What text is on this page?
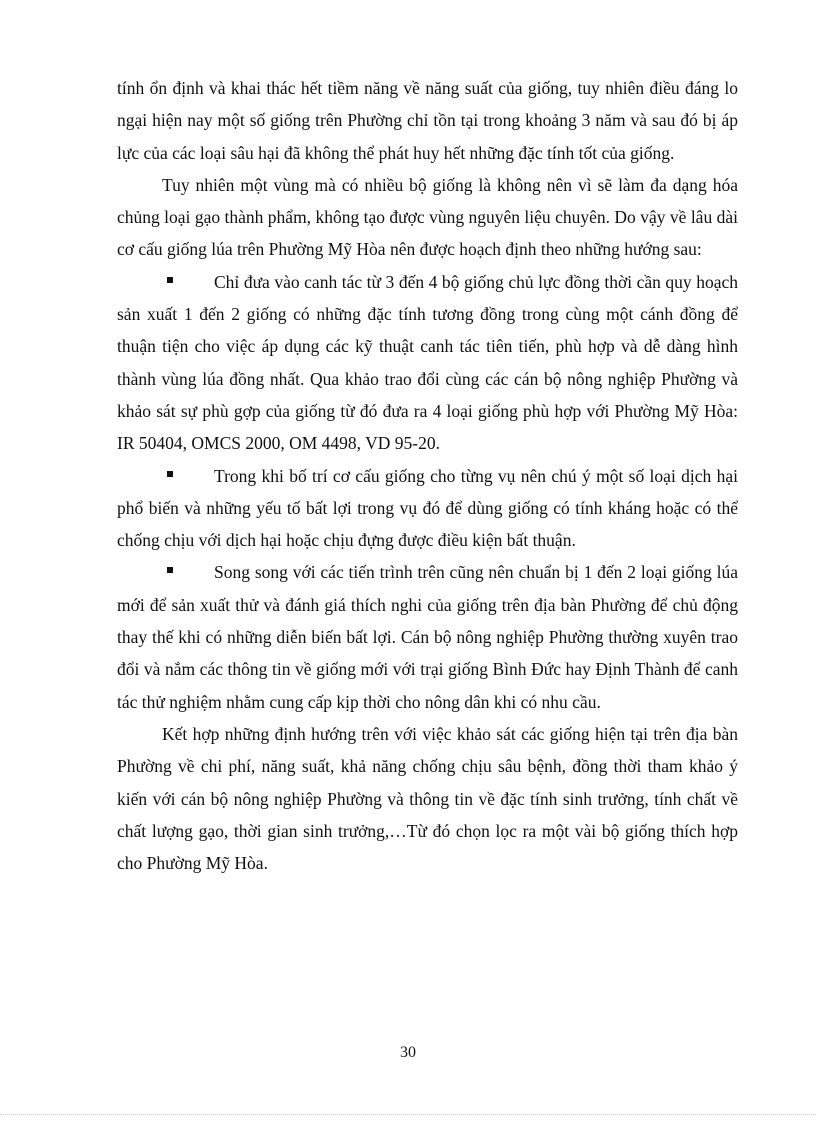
tính ổn định và khai thác hết tiềm năng về năng suất của giống, tuy nhiên điều đáng lo ngại hiện nay một số giống trên Phường chỉ tồn tại trong khoảng 3 năm và sau đó bị áp lực của các loại sâu hại đã không thể phát huy hết những đặc tính tốt của giống.

Tuy nhiên một vùng mà có nhiều bộ giống là không nên vì sẽ làm đa dạng hóa chủng loại gạo thành phẩm, không tạo được vùng nguyên liệu chuyên. Do vậy về lâu dài cơ cấu giống lúa trên Phường Mỹ Hòa nên được hoạch định theo những hướng sau:

Chỉ đưa vào canh tác từ 3 đến 4 bộ giống chủ lực đồng thời cần quy hoạch sản xuất 1 đến 2 giống có những đặc tính tương đồng trong cùng một cánh đồng để thuận tiện cho việc áp dụng các kỹ thuật canh tác tiên tiến, phù hợp và dễ dàng hình thành vùng lúa đồng nhất. Qua khảo trao đổi cùng các cán bộ nông nghiệp Phường và khảo sát sự phù gợp của giống từ đó đưa ra 4 loại giống phù hợp với Phường Mỹ Hòa: IR 50404, OMCS 2000, OM 4498, VD 95-20.

Trong khi bố trí cơ cấu giống cho từng vụ nên chú ý một số loại dịch hại phổ biến và những yếu tố bất lợi trong vụ đó để dùng giống có tính kháng hoặc có thể chống chịu với dịch hại hoặc chịu đựng được điều kiện bất thuận.

Song song với các tiến trình trên cũng nên chuẩn bị 1 đến 2 loại giống lúa mới để sản xuất thử và đánh giá thích nghi của giống trên địa bàn Phường để chủ động thay thế khi có những diễn biến bất lợi. Cán bộ nông nghiệp Phường thường xuyên trao đổi và nắm các thông tin về giống mới với trại giống Bình Đức hay Định Thành để canh tác thử nghiệm nhằm cung cấp kịp thời cho nông dân khi có nhu cầu.

Kết hợp những định hướng trên với việc khảo sát các giống hiện tại trên địa bàn Phường về chi phí, năng suất, khả năng chống chịu sâu bệnh, đồng thời tham khảo ý kiến với cán bộ nông nghiệp Phường và thông tin về đặc tính sinh trưởng, tính chất về chất lượng gạo, thời gian sinh trưởng,…Từ đó chọn lọc ra một vài bộ giống thích hợp cho Phường Mỹ Hòa.

30
